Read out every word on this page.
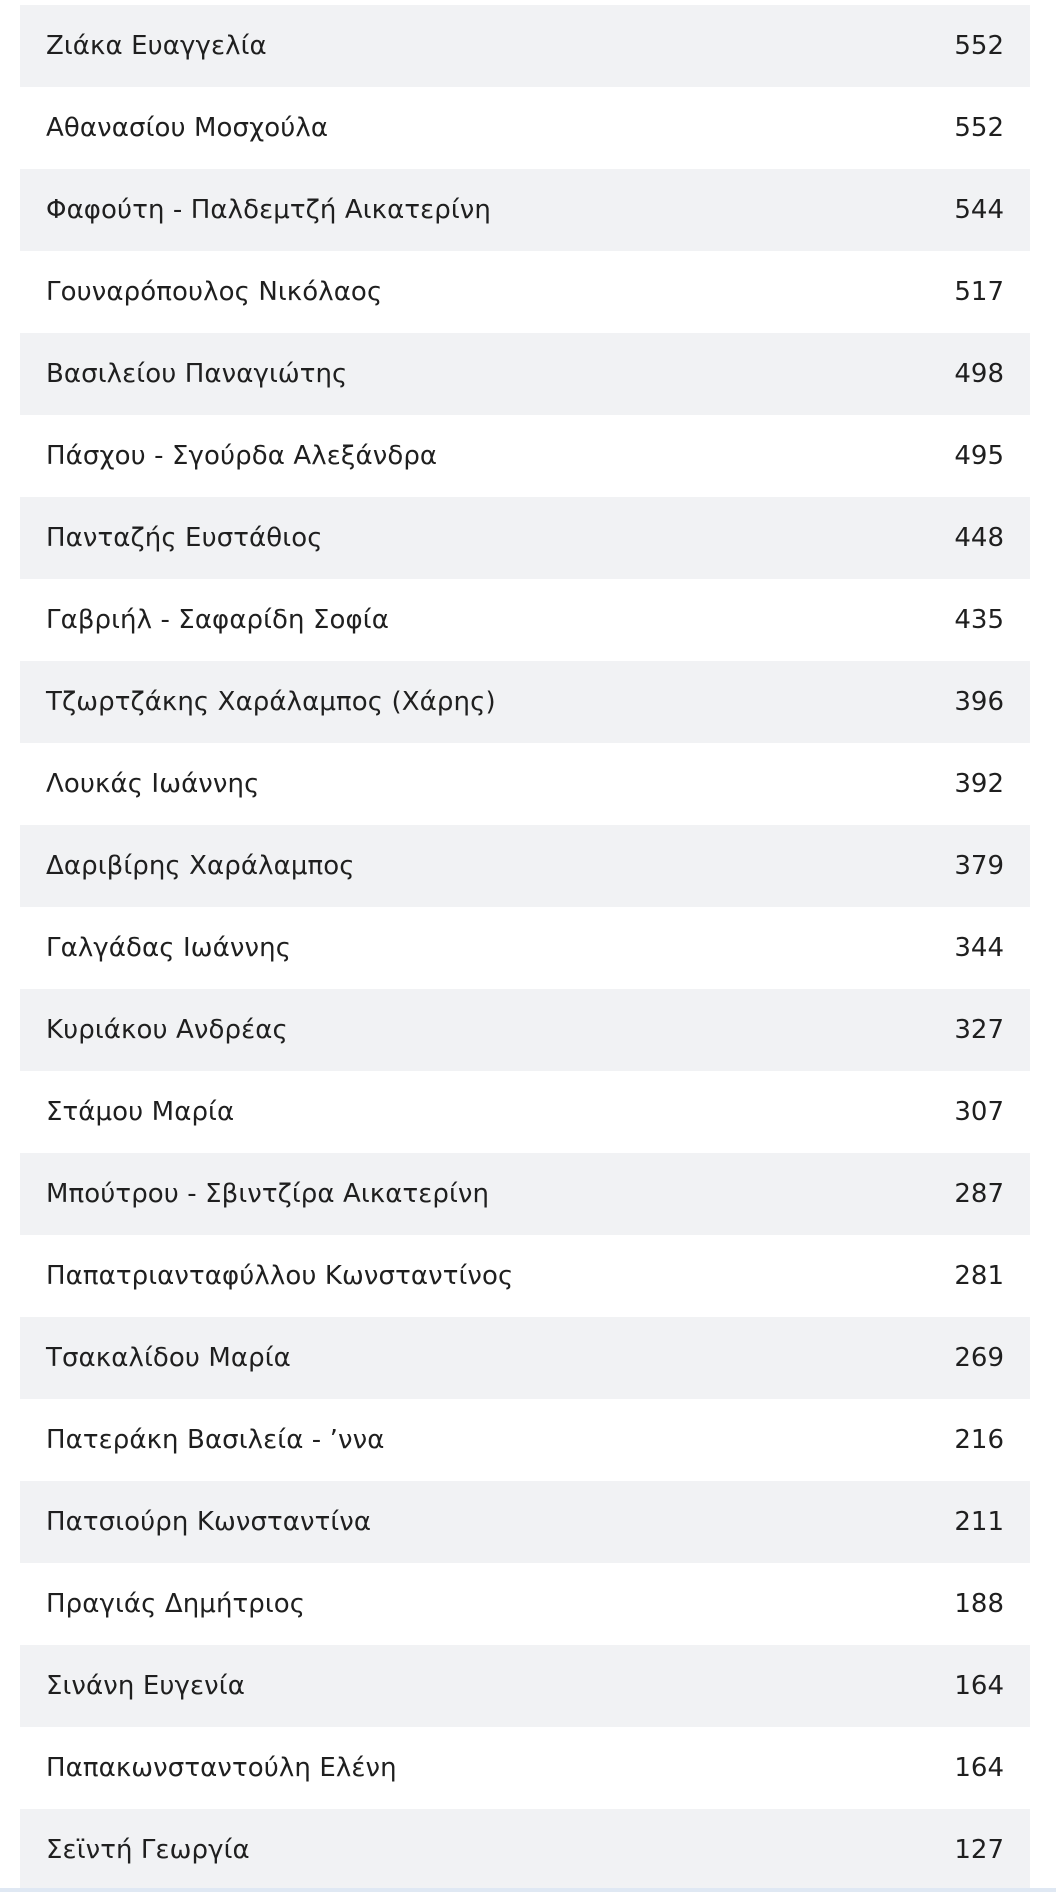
Ζιάκα Ευαγγελία	552
Αθανασίου Μοσχούλα	552
Φαφούτη - Παλδεμτζή Αικατερίνη	544
Γουναρόπουλος Νικόλαος	517
Βασιλείου Παναγιώτης	498
Πάσχου - Σγούρδα Αλεξάνδρα	495
Πανταζής Ευστάθιος	448
Γαβριήλ - Σαφαρίδη Σοφία	435
Τζωρτζάκης Χαράλαμπος (Χάρης)	396
Λουκάς Ιωάννης	392
Δαριβίρης Χαράλαμπος	379
Γαλγάδας Ιωάννης	344
Κυριάκου Ανδρέας	327
Στάμου Μαρία	307
Μπούτρου - Σβιντζίρα Αικατερίνη	287
Παπατριανταφύλλου Κωνσταντίνος	281
Τσακαλίδου Μαρία	269
Πατεράκη Βασιλεία - ’ννα	216
Πατσιούρη Κωνσταντίνα	211
Πραγιάς Δημήτριος	188
Σινάνη Ευγενία	164
Παπακωνσταντούλη Ελένη	164
Σεϊντή Γεωργία	127
